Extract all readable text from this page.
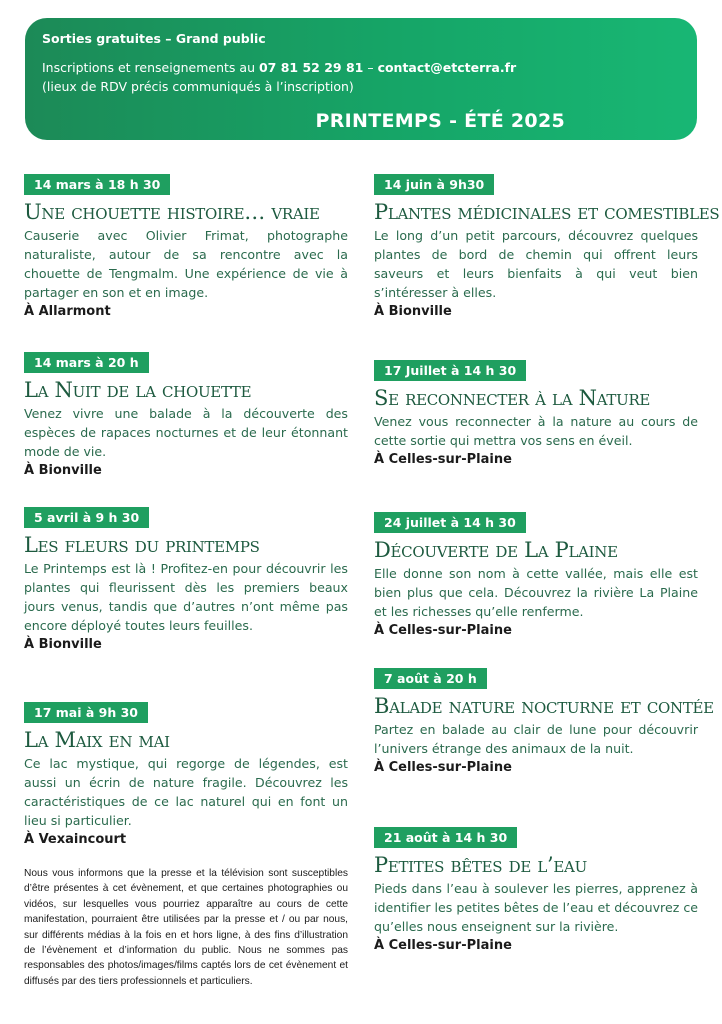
Sorties gratuites – Grand public
Inscriptions et renseignements au 07 81 52 29 81 – contact@etcterra.fr
(lieux de RDV précis communiqués à l’inscription)
PRINTEMPS - ÉTÉ 2025
14 mars à 18 h 30
Une chouette histoire… vraie
Causerie avec Olivier Frimat, photographe naturaliste, autour de sa rencontre avec la chouette de Tengmalm. Une expérience de vie à partager en son et en image.
À Allarmont
14 mars à 20 h
La Nuit de la chouette
Venez vivre une balade à la découverte des espèces de rapaces nocturnes et de leur étonnant mode de vie.
À Bionville
5 avril à 9 h 30
Les fleurs du printemps
Le Printemps est là ! Profitez-en pour découvrir les plantes qui fleurissent dès les premiers beaux jours venus, tandis que d’autres n’ont même pas encore déployé toutes leurs feuilles.
À Bionville
17 mai à 9h 30
La Maix en mai
Ce lac mystique, qui regorge de légendes, est aussi un écrin de nature fragile. Découvrez les caractéristiques de ce lac naturel qui en font un lieu si particulier.
À Vexaincourt
Nous vous informons que la presse et la télévision sont susceptibles d’être présentes à cet évènement, et que certaines photographies ou vidéos, sur lesquelles vous pourriez apparaître au cours de cette manifestation, pourraient être utilisées par la presse et / ou par nous, sur différents médias à la fois en et hors ligne, à des fins d’illustration de l’évènement et d’information du public. Nous ne sommes pas responsables des photos/images/films captés lors de cet évènement et diffusés par des tiers professionnels et particuliers.
14 juin à 9h30
Plantes médicinales et comestibles
Le long d’un petit parcours, découvrez quelques plantes de bord de chemin qui offrent leurs saveurs et leurs bienfaits à qui veut bien s’intéresser à elles.
À Bionville
17 Juillet à 14 h 30
Se reconnecter à la Nature
Venez vous reconnecter à la nature au cours de cette sortie qui mettra vos sens en éveil.
À Celles-sur-Plaine
24 juillet à 14 h 30
Découverte de La Plaine
Elle donne son nom à cette vallée, mais elle est bien plus que cela. Découvrez la rivière La Plaine et les richesses qu’elle renferme.
À Celles-sur-Plaine
7 août à 20 h
Balade nature nocturne et contée
Partez en balade au clair de lune pour découvrir l’univers étrange des animaux de la nuit.
À Celles-sur-Plaine
21 août à 14 h 30
Petites bêtes de l’eau
Pieds dans l’eau à soulever les pierres, apprenez à identifier les petites bêtes de l’eau et découvrez ce qu’elles nous enseignent sur la rivière.
À Celles-sur-Plaine
